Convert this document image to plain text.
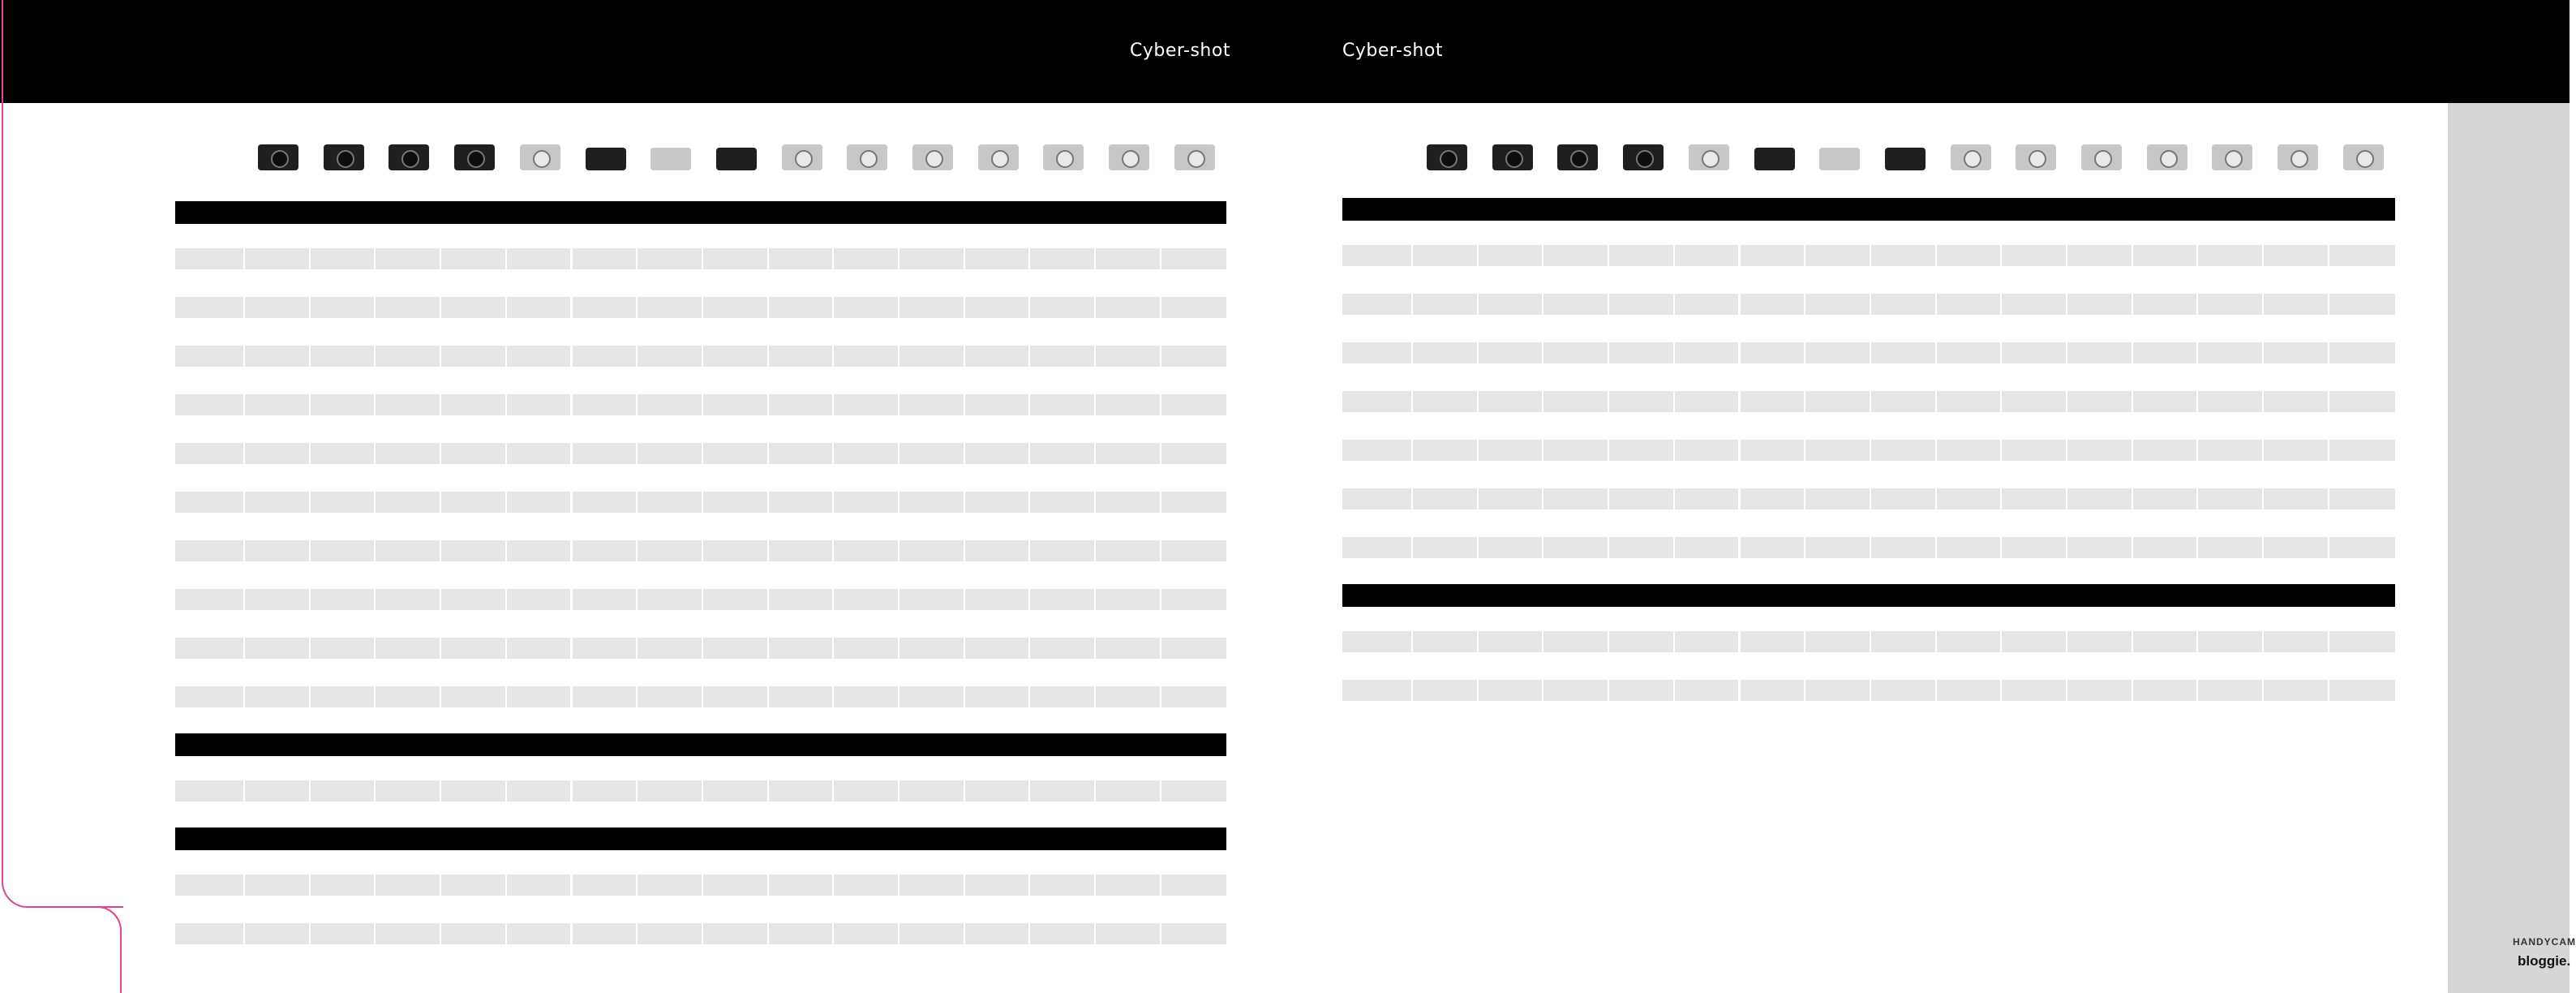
Cyber-shot	Cyber-shot
HANDYCAM
bloggie.
